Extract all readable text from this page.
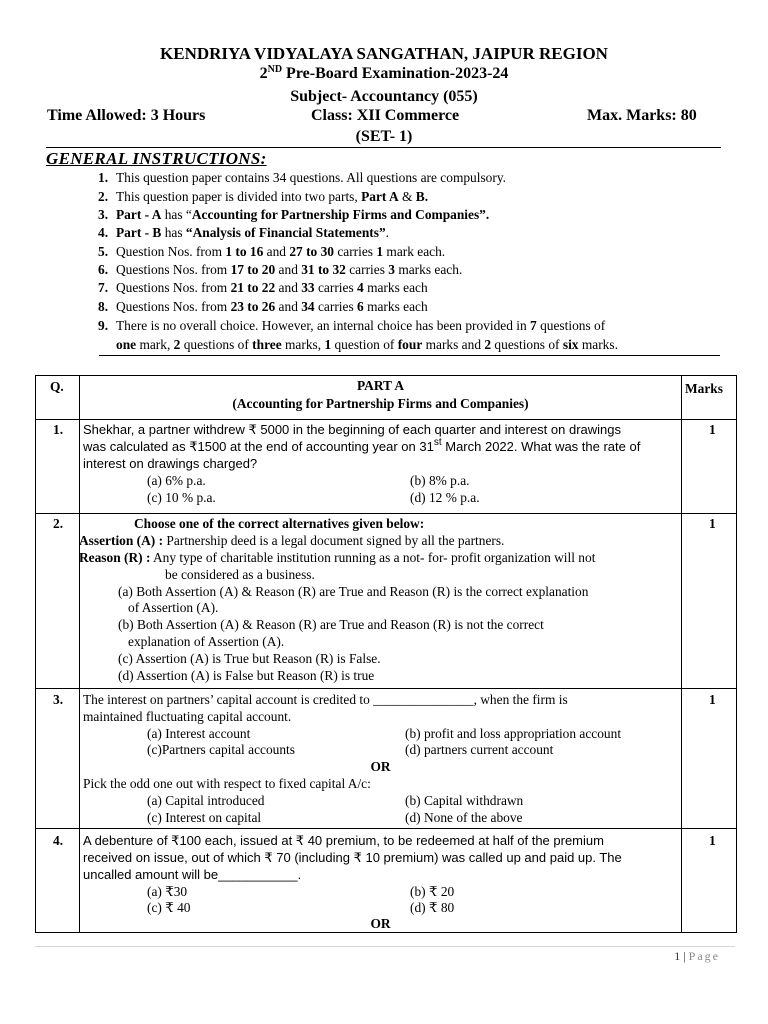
KENDRIYA VIDYALAYA SANGATHAN, JAIPUR REGION
2ND Pre-Board Examination-2023-24
Subject- Accountancy (055)
Time Allowed: 3 Hours	Class: XII Commerce	Max. Marks: 80
(SET- 1)
GENERAL INSTRUCTIONS:
1. This question paper contains 34 questions. All questions are compulsory.
2. This question paper is divided into two parts, Part A & B.
3. Part - A has “Accounting for Partnership Firms and Companies”.
4. Part - B has “Analysis of Financial Statements”.
5. Question Nos. from 1 to 16 and 27 to 30 carries 1 mark each.
6. Questions Nos. from 17 to 20 and 31 to 32 carries 3 marks each.
7. Questions Nos. from 21 to 22 and 33 carries 4 marks each
8. Questions Nos. from 23 to 26 and 34 carries 6 marks each
9. There is no overall choice. However, an internal choice has been provided in 7 questions of
one mark, 2 questions of three marks, 1 question of four marks and 2 questions of six marks.
Q.	PART A
(Accounting for Partnership Firms and Companies)
Marks
1.	1
Shekhar, a partner withdrew ₹ 5000 in the beginning of each quarter and interest on drawings
was calculated as ₹1500 at the end of accounting year on 31st March 2022. What was the rate of
interest on drawings charged?
(a) 6% p.a.	(b) 8% p.a.
(c) 10 % p.a.	(d) 12 % p.a.
2.	1
Choose one of the correct alternatives given below:
Assertion (A) : Partnership deed is a legal document signed by all the partners.
Reason (R) : Any type of charitable institution running as a not- for- profit organization will not
be considered as a business.
(a) Both Assertion (A) & Reason (R) are True and Reason (R) is the correct explanation
of Assertion (A).
(b) Both Assertion (A) & Reason (R) are True and Reason (R) is not the correct
explanation of Assertion (A).
(c) Assertion (A) is True but Reason (R) is False.
(d) Assertion (A) is False but Reason (R) is true
3.	1
The interest on partners’ capital account is credited to _______________, when the firm is
maintained fluctuating capital account.
(a) Interest account	(b) profit and loss appropriation account
(c)Partners capital accounts	(d) partners current account
OR
Pick the odd one out with respect to fixed capital A/c:
(a) Capital introduced	(b) Capital withdrawn
(c) Interest on capital	(d) None of the above
4.	1
A debenture of ₹100 each, issued at ₹ 40 premium, to be redeemed at half of the premium
received on issue, out of which ₹ 70 (including ₹ 10 premium) was called up and paid up. The
uncalled amount will be___________.
(a) ₹30	(b) ₹ 20
(c) ₹ 40	(d) ₹ 80
OR
1 | Page
